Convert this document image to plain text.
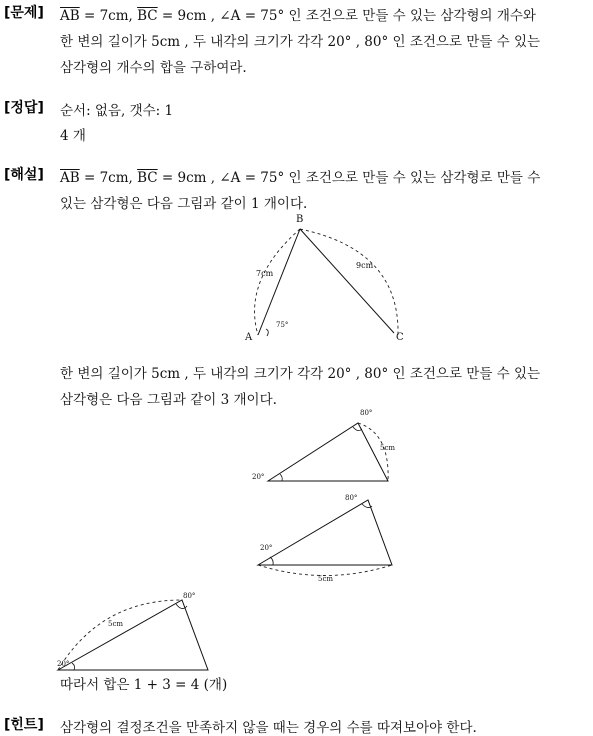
[문제] $\overline{AB} = 7cm$, $\overline{BC} = 9cm$ , ∠A = 75° 인 조건으로 만들 수 있는 삼각형의 개수와
한 변의 길이가 5cm , 두 내각의 크기가 각각 20° , 80° 인 조건으로 만들 수 있는
삼각형의 개수의 합을 구하여라.
[정답] 순서: 없음, 갯수: 1
4 개
[해설] $\overline{AB} = 7cm$, $\overline{BC} = 9cm$ , ∠A = 75° 인 조건으로 만들 수 있는 삼각형로 만들 수
있는 삼각형은 다음 그림과 같이 1 개이다.
B
A	C
7cm
9cm
75°
한 변의 길이가 5cm , 두 내각의 크기가 각각 20° , 80° 인 조건으로 만들 수 있는
삼각형은 다음 그림과 같이 3 개이다.
20°
80°
5cm
20°
80°
5cm
20°
80°
5cm
따라서 합은 1 + 3 = 4 (개)
[힌트] 삼각형의 결정조건을 만족하지 않을 때는 경우의 수를 따져보아야 한다.
